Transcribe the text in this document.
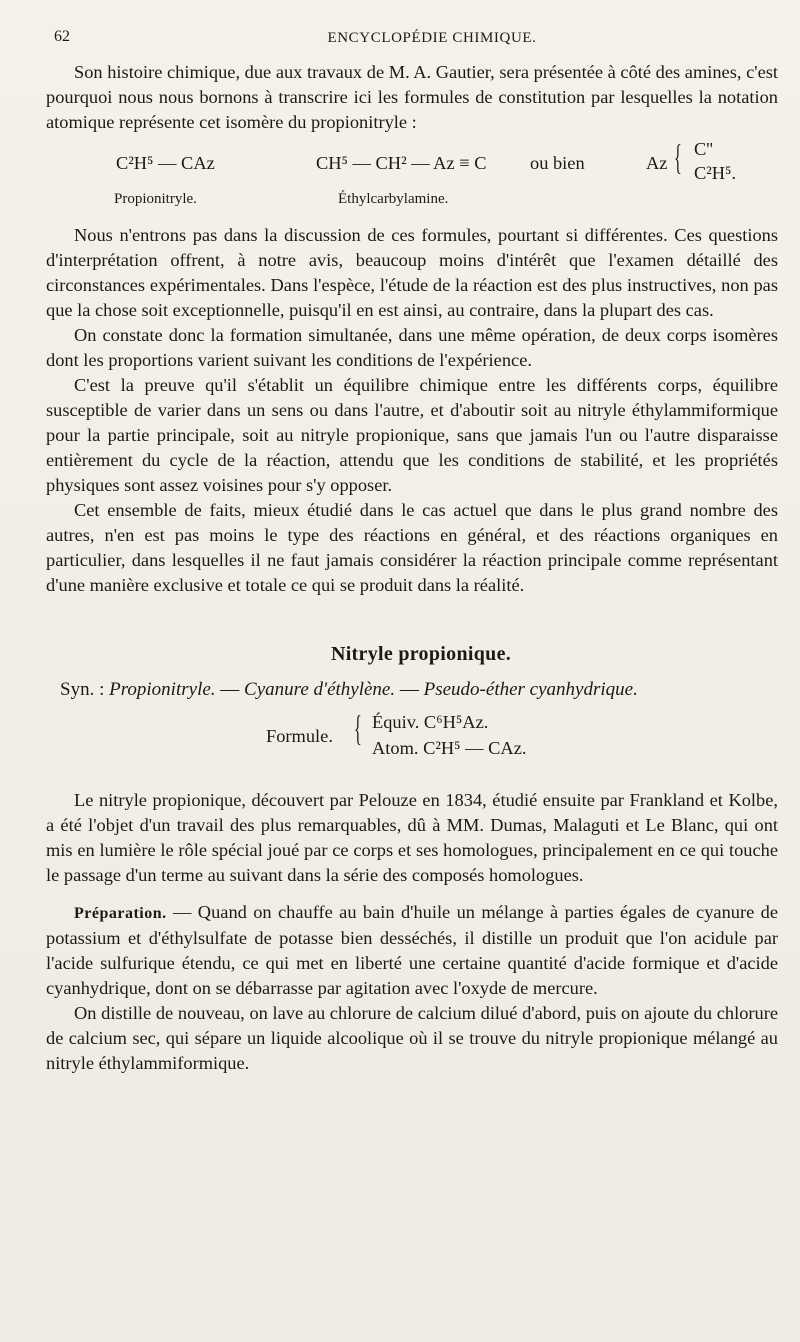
62	ENCYCLOPÉDIE CHIMIQUE.

Son histoire chimique, due aux travaux de M. A. Gautier, sera présentée à côté des amines, c'est pourquoi nous nous bornons à transcrire ici les formules de constitution par lesquelles la notation atomique représente cet isomère du propionitryle :

C²H⁵ — CAz
Propionitryle.
CH⁵ — CH² — Az ≡ C
Éthylcarbylamine.
ou bien	Az { C''
C²H⁵.

Nous n'entrons pas dans la discussion de ces formules, pourtant si différentes. Ces questions d'interprétation offrent, à notre avis, beaucoup moins d'intérêt que l'examen détaillé des circonstances expérimentales. Dans l'espèce, l'étude de la réaction est des plus instructives, non pas que la chose soit exceptionnelle, puisqu'il en est ainsi, au contraire, dans la plupart des cas.

On constate donc la formation simultanée, dans une même opération, de deux corps isomères dont les proportions varient suivant les conditions de l'expérience.

C'est la preuve qu'il s'établit un équilibre chimique entre les différents corps, équilibre susceptible de varier dans un sens ou dans l'autre, et d'aboutir soit au nitryle éthylammiformique pour la partie principale, soit au nitryle propionique, sans que jamais l'un ou l'autre disparaisse entièrement du cycle de la réaction, attendu que les conditions de stabilité, et les propriétés physiques sont assez voisines pour s'y opposer.

Cet ensemble de faits, mieux étudié dans le cas actuel que dans le plus grand nombre des autres, n'en est pas moins le type des réactions en général, et des réactions organiques en particulier, dans lesquelles il ne faut jamais considérer la réaction principale comme représentant d'une manière exclusive et totale ce qui se produit dans la réalité.

Nitryle propionique.
Syn. : Propionitryle. — Cyanure d'éthylène. — Pseudo-éther cyanhydrique.
Formule. { Équiv. C⁶H⁵Az.
Atom. C²H⁵ — CAz.

Le nitryle propionique, découvert par Pelouze en 1834, étudié ensuite par Frankland et Kolbe, a été l'objet d'un travail des plus remarquables, dû à MM. Dumas, Malaguti et Le Blanc, qui ont mis en lumière le rôle spécial joué par ce corps et ses homologues, principalement en ce qui touche le passage d'un terme au suivant dans la série des composés homologues.

Préparation. — Quand on chauffe au bain d'huile un mélange à parties égales de cyanure de potassium et d'éthylsulfate de potasse bien desséchés, il distille un produit que l'on acidule par l'acide sulfurique étendu, ce qui met en liberté une certaine quantité d'acide formique et d'acide cyanhydrique, dont on se débarrasse par agitation avec l'oxyde de mercure.

On distille de nouveau, on lave au chlorure de calcium dilué d'abord, puis on ajoute du chlorure de calcium sec, qui sépare un liquide alcoolique où il se trouve du nitryle propionique mélangé au nitryle éthylammiformique.
